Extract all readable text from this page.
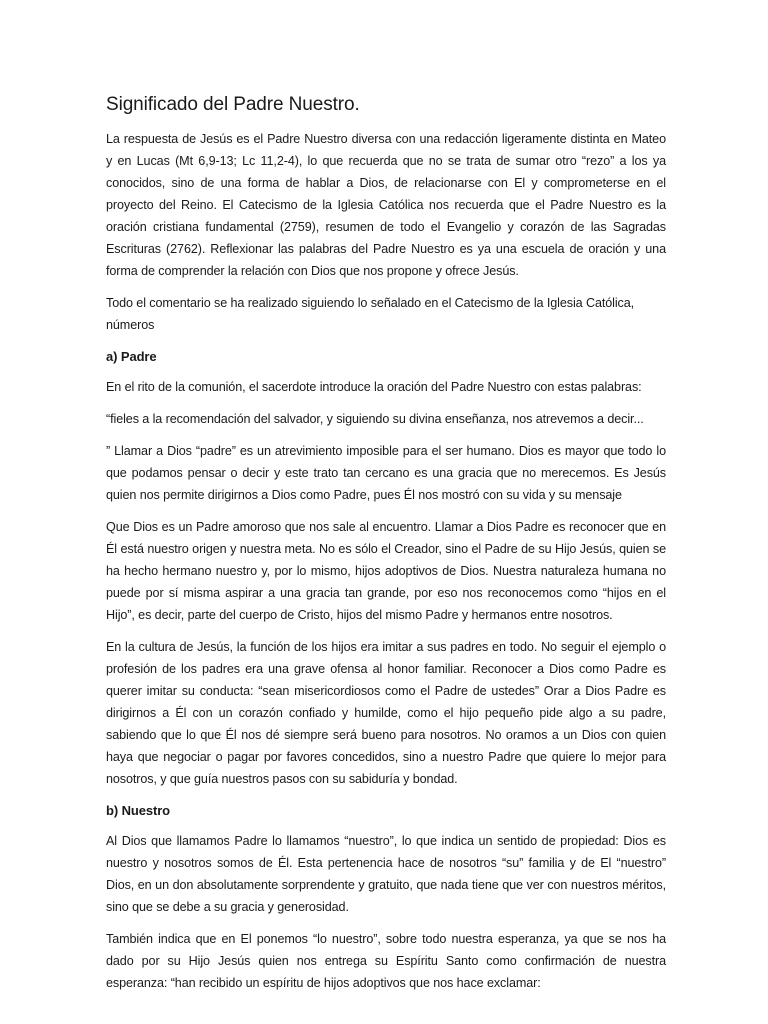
Significado del Padre Nuestro.

La respuesta de Jesús es el Padre Nuestro diversa con una redacción ligeramente distinta en Mateo y en Lucas (Mt 6,9-13; Lc 11,2-4), lo que recuerda que no se trata de sumar otro “rezo” a los ya conocidos, sino de una forma de hablar a Dios, de relacionarse con El y comprometerse en el proyecto del Reino. El Catecismo de la Iglesia Católica nos recuerda que el Padre Nuestro es la oración cristiana fundamental (2759), resumen de todo el Evangelio y corazón de las Sagradas Escrituras (2762). Reflexionar las palabras del Padre Nuestro es ya una escuela de oración y una forma de comprender la relación con Dios que nos propone y ofrece Jesús.

Todo el comentario se ha realizado siguiendo lo señalado en el Catecismo de la Iglesia Católica, números

a) Padre

En el rito de la comunión, el sacerdote introduce la oración del Padre Nuestro con estas palabras:

“fieles a la recomendación del salvador, y siguiendo su divina enseñanza, nos atrevemos a decir...

” Llamar a Dios “padre” es un atrevimiento imposible para el ser humano. Dios es mayor que todo lo que podamos pensar o decir y este trato tan cercano es una gracia que no merecemos. Es Jesús quien nos permite dirigirnos a Dios como Padre, pues Él nos mostró con su vida y su mensaje

Que Dios es un Padre amoroso que nos sale al encuentro. Llamar a Dios Padre es reconocer que en Él está nuestro origen y nuestra meta. No es sólo el Creador, sino el Padre de su Hijo Jesús, quien se ha hecho hermano nuestro y, por lo mismo, hijos adoptivos de Dios. Nuestra naturaleza humana no puede por sí misma aspirar a una gracia tan grande, por eso nos reconocemos como “hijos en el Hijo”, es decir, parte del cuerpo de Cristo, hijos del mismo Padre y hermanos entre nosotros.

En la cultura de Jesús, la función de los hijos era imitar a sus padres en todo. No seguir el ejemplo o profesión de los padres era una grave ofensa al honor familiar. Reconocer a Dios como Padre es querer imitar su conducta: “sean misericordiosos como el Padre de ustedes” Orar a Dios Padre es dirigirnos a Él con un corazón confiado y humilde, como el hijo pequeño pide algo a su padre, sabiendo que lo que Él nos dé siempre será bueno para nosotros. No oramos a un Dios con quien haya que negociar o pagar por favores concedidos, sino a nuestro Padre que quiere lo mejor para nosotros, y que guía nuestros pasos con su sabiduría y bondad.

b) Nuestro

Al Dios que llamamos Padre lo llamamos “nuestro”, lo que indica un sentido de propiedad: Dios es nuestro y nosotros somos de Él. Esta pertenencia hace de nosotros “su” familia y de El “nuestro” Dios, en un don absolutamente sorprendente y gratuito, que nada tiene que ver con nuestros méritos, sino que se debe a su gracia y generosidad.

También indica que en El ponemos “lo nuestro”, sobre todo nuestra esperanza, ya que se nos ha dado por su Hijo Jesús quien nos entrega su Espíritu Santo como confirmación de nuestra esperanza: “han recibido un espíritu de hijos adoptivos que nos hace exclamar:
